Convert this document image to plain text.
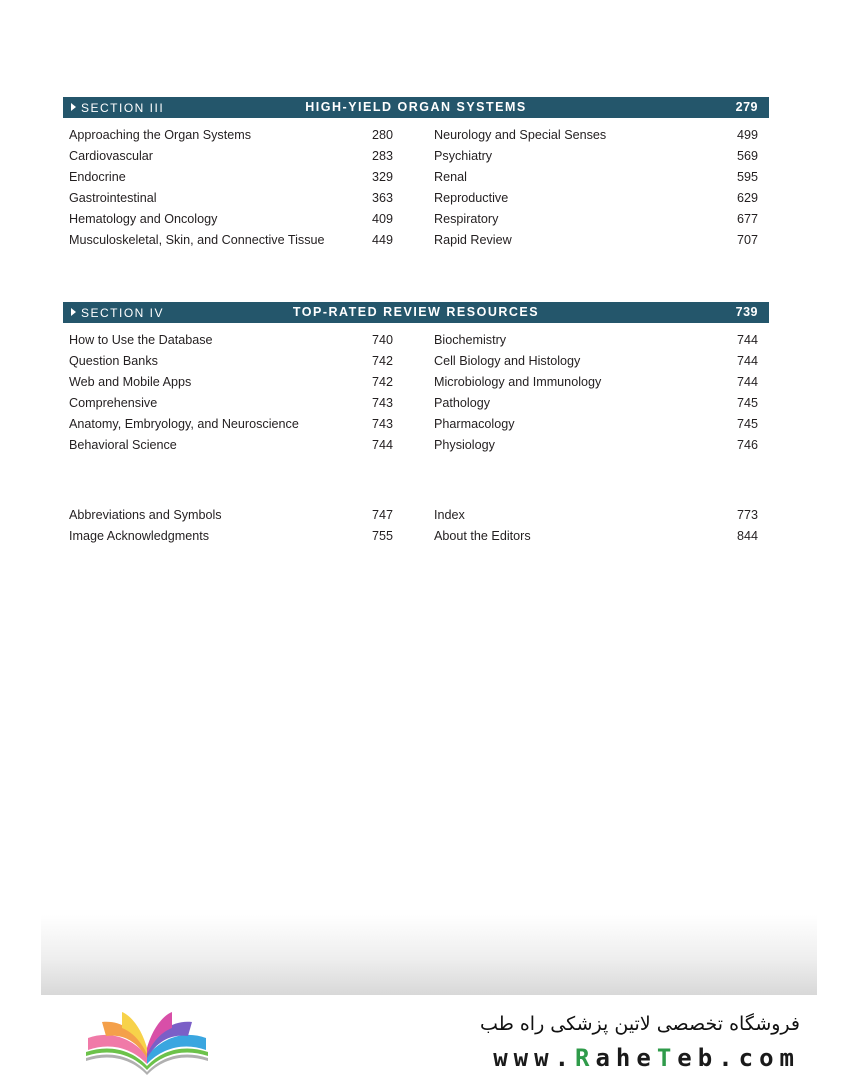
SECTION III	HIGH-YIELD ORGAN SYSTEMS	279
Approaching the Organ Systems	280
Cardiovascular	283
Endocrine	329
Gastrointestinal	363
Hematology and Oncology	409
Musculoskeletal, Skin, and Connective Tissue	449
Neurology and Special Senses	499
Psychiatry	569
Renal	595
Reproductive	629
Respiratory	677
Rapid Review	707
SECTION IV	TOP-RATED REVIEW RESOURCES	739
How to Use the Database	740
Question Banks	742
Web and Mobile Apps	742
Comprehensive	743
Anatomy, Embryology, and Neuroscience	743
Behavioral Science	744
Biochemistry	744
Cell Biology and Histology	744
Microbiology and Immunology	744
Pathology	745
Pharmacology	745
Physiology	746
Abbreviations and Symbols	747
Image Acknowledgments	755
Index	773
About the Editors	844
فروشگاه تخصصی لاتین پزشکی راه طب
www.RaheTeb.com
